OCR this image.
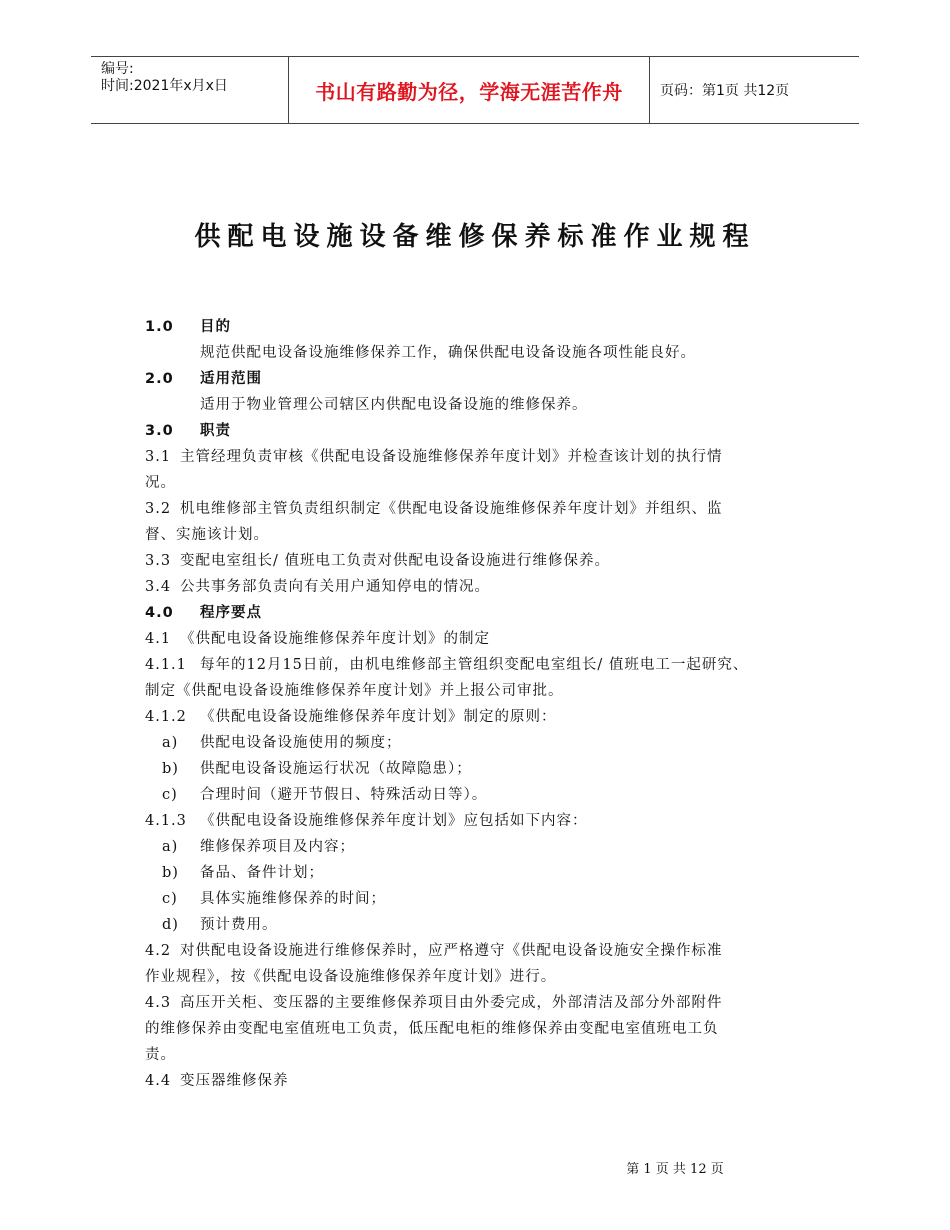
编号:
时间:2021年x月x日	书山有路勤为径，学海无涯苦作舟	页码：第1页 共12页
供配电设施设备维修保养标准作业规程
1.0 目的
规范供配电设备设施维修保养工作，确保供配电设备设施各项性能良好。
2.0 适用范围
适用于物业管理公司辖区内供配电设备设施的维修保养。
3.0 职责
3.1 主管经理负责审核《供配电设备设施维修保养年度计划》并检查该计划的执行情
况。
3.2 机电维修部主管负责组织制定《供配电设备设施维修保养年度计划》并组织、监
督、实施该计划。
3.3 变配电室组长/ 值班电工负责对供配电设备设施进行维修保养。
3.4 公共事务部负责向有关用户通知停电的情况。
4.0 程序要点
4.1 《供配电设备设施维修保养年度计划》的制定
4.1.1 每年的12月15日前，由机电维修部主管组织变配电室组长/ 值班电工一起研究、
制定《供配电设备设施维修保养年度计划》并上报公司审批。
4.1.2 《供配电设备设施维修保养年度计划》制定的原则：
a) 供配电设备设施使用的频度；
b) 供配电设备设施运行状况（故障隐患）；
c) 合理时间（避开节假日、特殊活动日等）。
4.1.3 《供配电设备设施维修保养年度计划》应包括如下内容：
a) 维修保养项目及内容；
b) 备品、备件计划；
c) 具体实施维修保养的时间；
d) 预计费用。
4.2 对供配电设备设施进行维修保养时，应严格遵守《供配电设备设施安全操作标准
作业规程》，按《供配电设备设施维修保养年度计划》进行。
4.3 高压开关柜、变压器的主要维修保养项目由外委完成，外部清洁及部分外部附件
的维修保养由变配电室值班电工负责，低压配电柜的维修保养由变配电室值班电工负
责。
4.4 变压器维修保养
第 1 页 共 12 页
